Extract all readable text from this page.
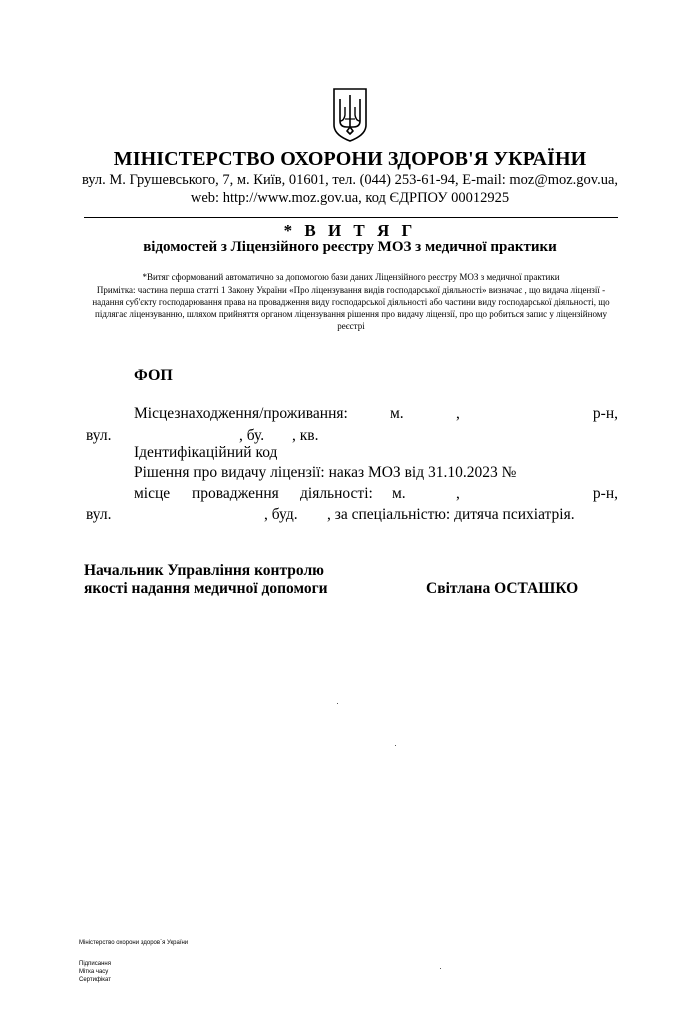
МІНІСТЕРСТВО ОХОРОНИ ЗДОРОВ'Я УКРАЇНИ
вул. М. Грушевського, 7, м. Київ, 01601, тел. (044) 253-61-94, E-mail: moz@moz.gov.ua,
web: http://www.moz.gov.ua, код ЄДРПОУ 00012925
* В И Т Я Г
відомостей з Ліцензійного реєстру МОЗ з медичної практики
*Витяг сформований автоматично за допомогою бази даних Ліцензійного реєстру МОЗ з медичної практики
Примітка: частина перша статті 1 Закону України «Про ліцензування видів господарської діяльності» визначає , що видача ліцензії - надання суб'єкту господарювання права на провадження виду господарської діяльності або частини виду господарської діяльності, що підлягає ліцензуванню, шляхом прийняття органом ліцензування рішення про видачу ліцензії, про що робиться запис у ліцензійному реєстрі
ФОП
Місцезнаходження/проживання:	м.	,	р-н,
вул.	, бу. , кв.
Ідентифікаційний код
Рішення про видачу ліцензії: наказ МОЗ від 31.10.2023 №
місце провадження діяльності: м.	,	р-н,
вул.	, буд. , за спеціальністю: дитяча психіатрія.
Начальник Управління контролю
якості надання медичної допомоги	Світлана ОСТАШКО
Міністерство охорони здоров`я України
Підписання
Мітка часу
Сертифікат
